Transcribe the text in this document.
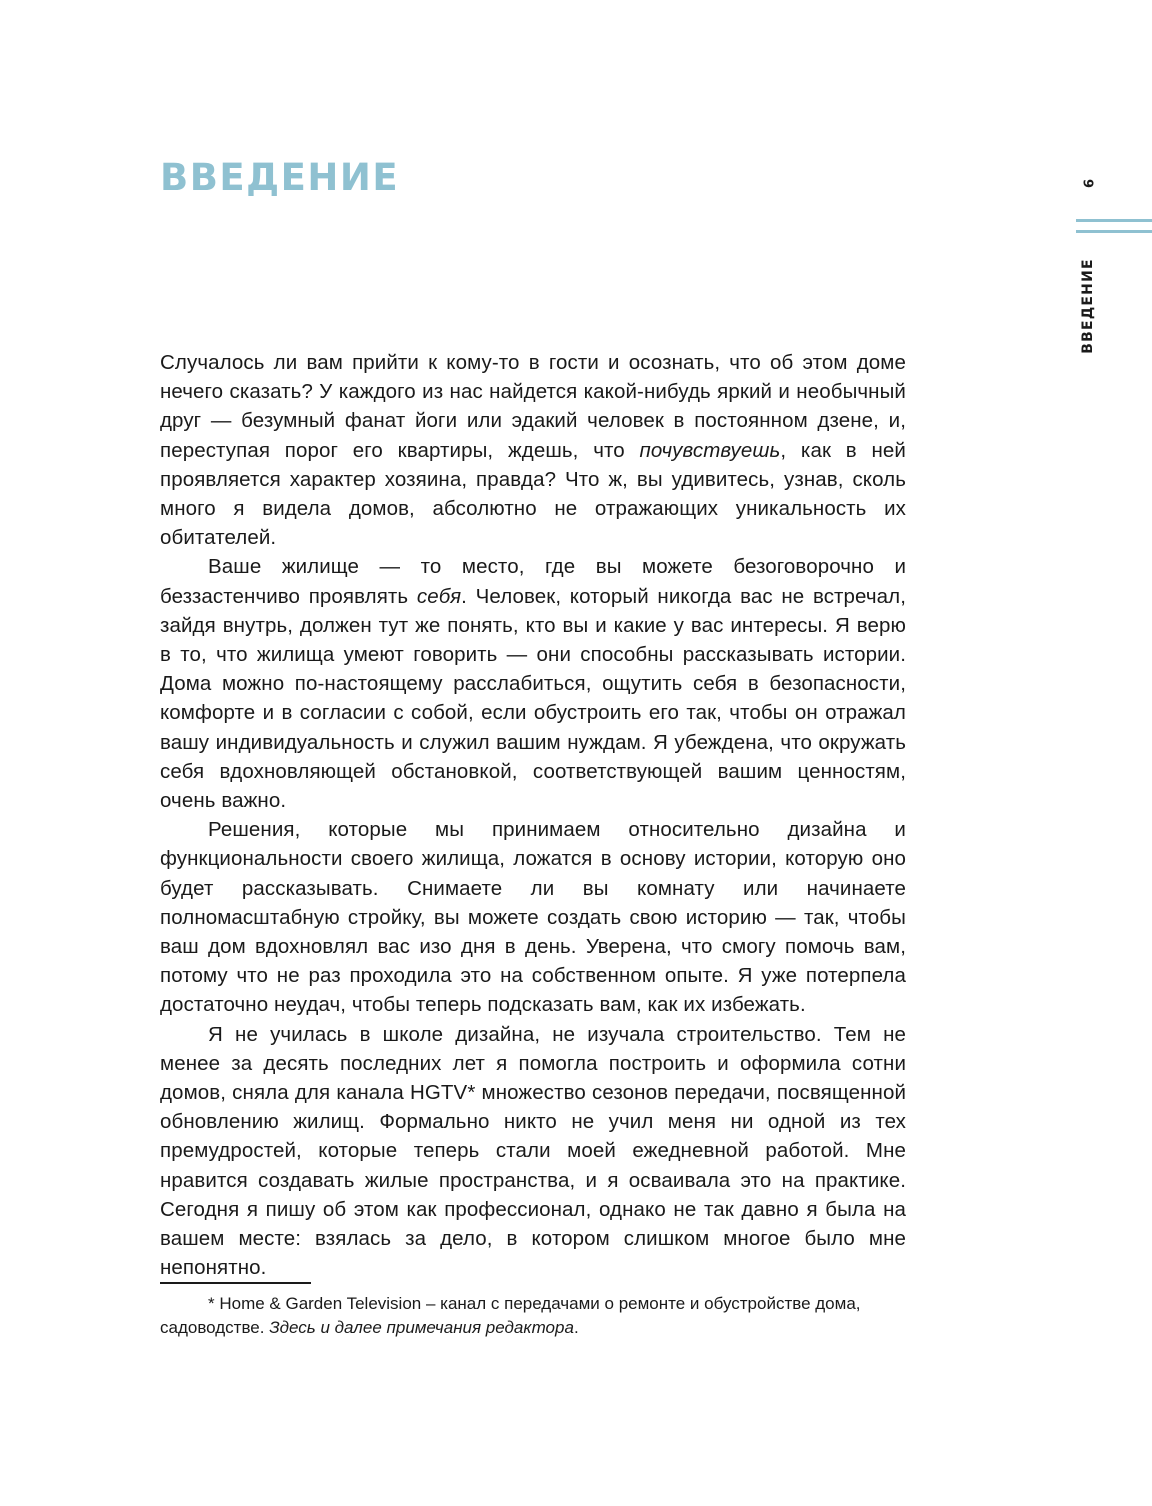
ВВЕДЕНИЕ	9
ВВЕДЕНИЕ

Случалось ли вам прийти к кому-то в гости и осознать, что об этом доме нечего сказать? У каждого из нас найдется какой-нибудь яркий и необычный друг — безумный фанат йоги или эдакий человек в постоянном дзене, и, переступая порог его квартиры, ждешь, что почувствуешь, как в ней проявляется характер хозяина, правда? Что ж, вы удивитесь, узнав, сколь много я видела домов, абсолютно не отражающих уникальность их обитателей.

Ваше жилище — то место, где вы можете безоговорочно и беззастенчиво проявлять себя. Человек, который никогда вас не встречал, зайдя внутрь, должен тут же понять, кто вы и какие у вас интересы. Я верю в то, что жилища умеют говорить — они способны рассказывать истории. Дома можно по-настоящему расслабиться, ощутить себя в безопасности, комфорте и в согласии с собой, если обустроить его так, чтобы он отражал вашу индивидуальность и служил вашим нуждам. Я убеждена, что окружать себя вдохновляющей обстановкой, соответствующей вашим ценностям, очень важно.

Решения, которые мы принимаем относительно дизайна и функциональности своего жилища, ложатся в основу истории, которую оно будет рассказывать. Снимаете ли вы комнату или начинаете полномасштабную стройку, вы можете создать свою историю — так, чтобы ваш дом вдохновлял вас изо дня в день. Уверена, что смогу помочь вам, потому что не раз проходила это на собственном опыте. Я уже потерпела достаточно неудач, чтобы теперь подсказать вам, как их избежать.

Я не училась в школе дизайна, не изучала строительство. Тем не менее за десять последних лет я помогла построить и оформила сотни домов, сняла для канала HGTV* множество сезонов передачи, посвященной обновлению жилищ. Формально никто не учил меня ни одной из тех премудростей, которые теперь стали моей ежедневной работой. Мне нравится создавать жилые пространства, и я осваивала это на практике. Сегодня я пишу об этом как профессионал, однако не так давно я была на вашем месте: взялась за дело, в котором слишком многое было мне непонятно.

* Home & Garden Television – канал с передачами о ремонте и обустройстве дома, садоводстве. Здесь и далее примечания редактора.
